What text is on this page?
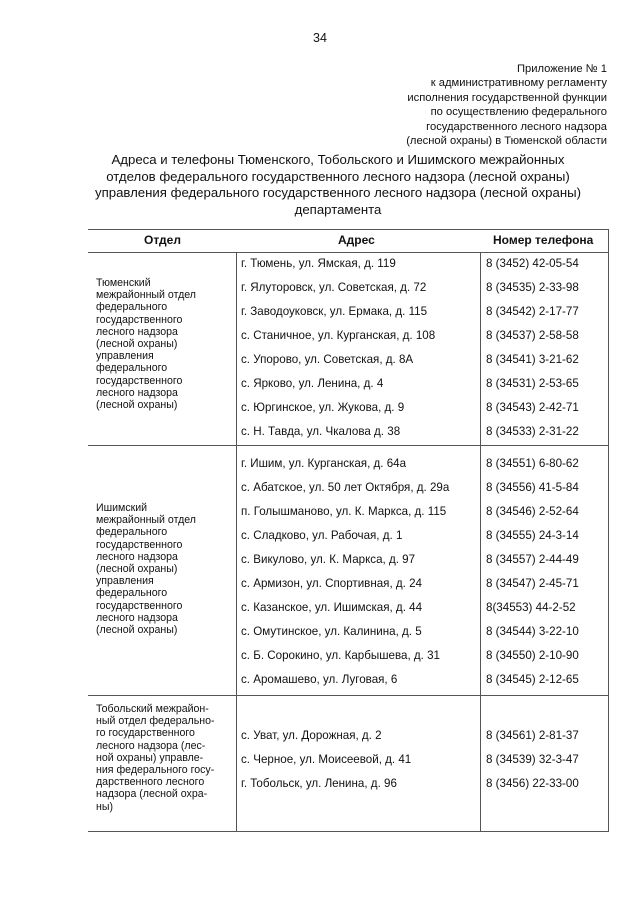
34
Приложение № 1
к административному регламенту
исполнения государственной функции
по осуществлению федерального
государственного лесного надзора
(лесной охраны) в Тюменской области
Адреса и телефоны Тюменского, Тобольского и Ишимского межрайонных
отделов федерального государственного лесного надзора (лесной охраны)
управления федерального государственного лесного надзора (лесной охраны)
департамента
Отдел	Адрес	Номер телефона
Тюменский
межрайонный отдел
федерального
государственного
лесного надзора
(лесной охраны)
управления
федерального
государственного
лесного надзора
(лесной охраны)
г. Тюмень, ул. Ямская, д. 119	8 (3452) 42-05-54
г. Ялуторовск, ул. Советская, д. 72	8 (34535) 2-33-98
г. Заводоуковск, ул. Ермака, д. 115	8 (34542) 2-17-77
с. Станичное, ул. Курганская, д. 108	8 (34537) 2-58-58
с. Упорово, ул. Советская, д. 8А	8 (34541) 3-21-62
с. Ярково, ул. Ленина, д. 4	8 (34531) 2-53-65
с. Юргинское, ул. Жукова, д. 9	8 (34543) 2-42-71
с. Н. Тавда, ул. Чкалова д. 38	8 (34533) 2-31-22
Ишимский
межрайонный отдел
федерального
государственного
лесного надзора
(лесной охраны)
управления
федерального
государственного
лесного надзора
(лесной охраны)
г. Ишим, ул. Курганская, д. 64а	8 (34551) 6-80-62
с. Абатское, ул. 50 лет Октября, д. 29а	8 (34556) 41-5-84
п. Голышманово, ул. К. Маркса, д. 115	8 (34546) 2-52-64
с. Сладково, ул. Рабочая, д. 1	8 (34555) 24-3-14
с. Викулово, ул. К. Маркса, д. 97	8 (34557) 2-44-49
с. Армизон, ул. Спортивная, д. 24	8 (34547) 2-45-71
с. Казанское, ул. Ишимская, д. 44	8(34553) 44-2-52
с. Омутинское, ул. Калинина, д. 5	8 (34544) 3-22-10
с. Б. Сорокино, ул. Карбышева, д. 31	8 (34550) 2-10-90
с. Аромашево, ул. Луговая, 6	8 (34545) 2-12-65
Тобольский межрайон-
ный отдел федерально-
го государственного
лесного надзора (лес-
ной охраны) управле-
ния федерального госу-
дарственного лесного
надзора (лесной охра-
ны)
с. Уват, ул. Дорожная, д. 2	8 (34561) 2-81-37
с. Черное, ул. Моисеевой, д. 41	8 (34539) 32-3-47
г. Тобольск, ул. Ленина, д. 96	8 (3456) 22-33-00
